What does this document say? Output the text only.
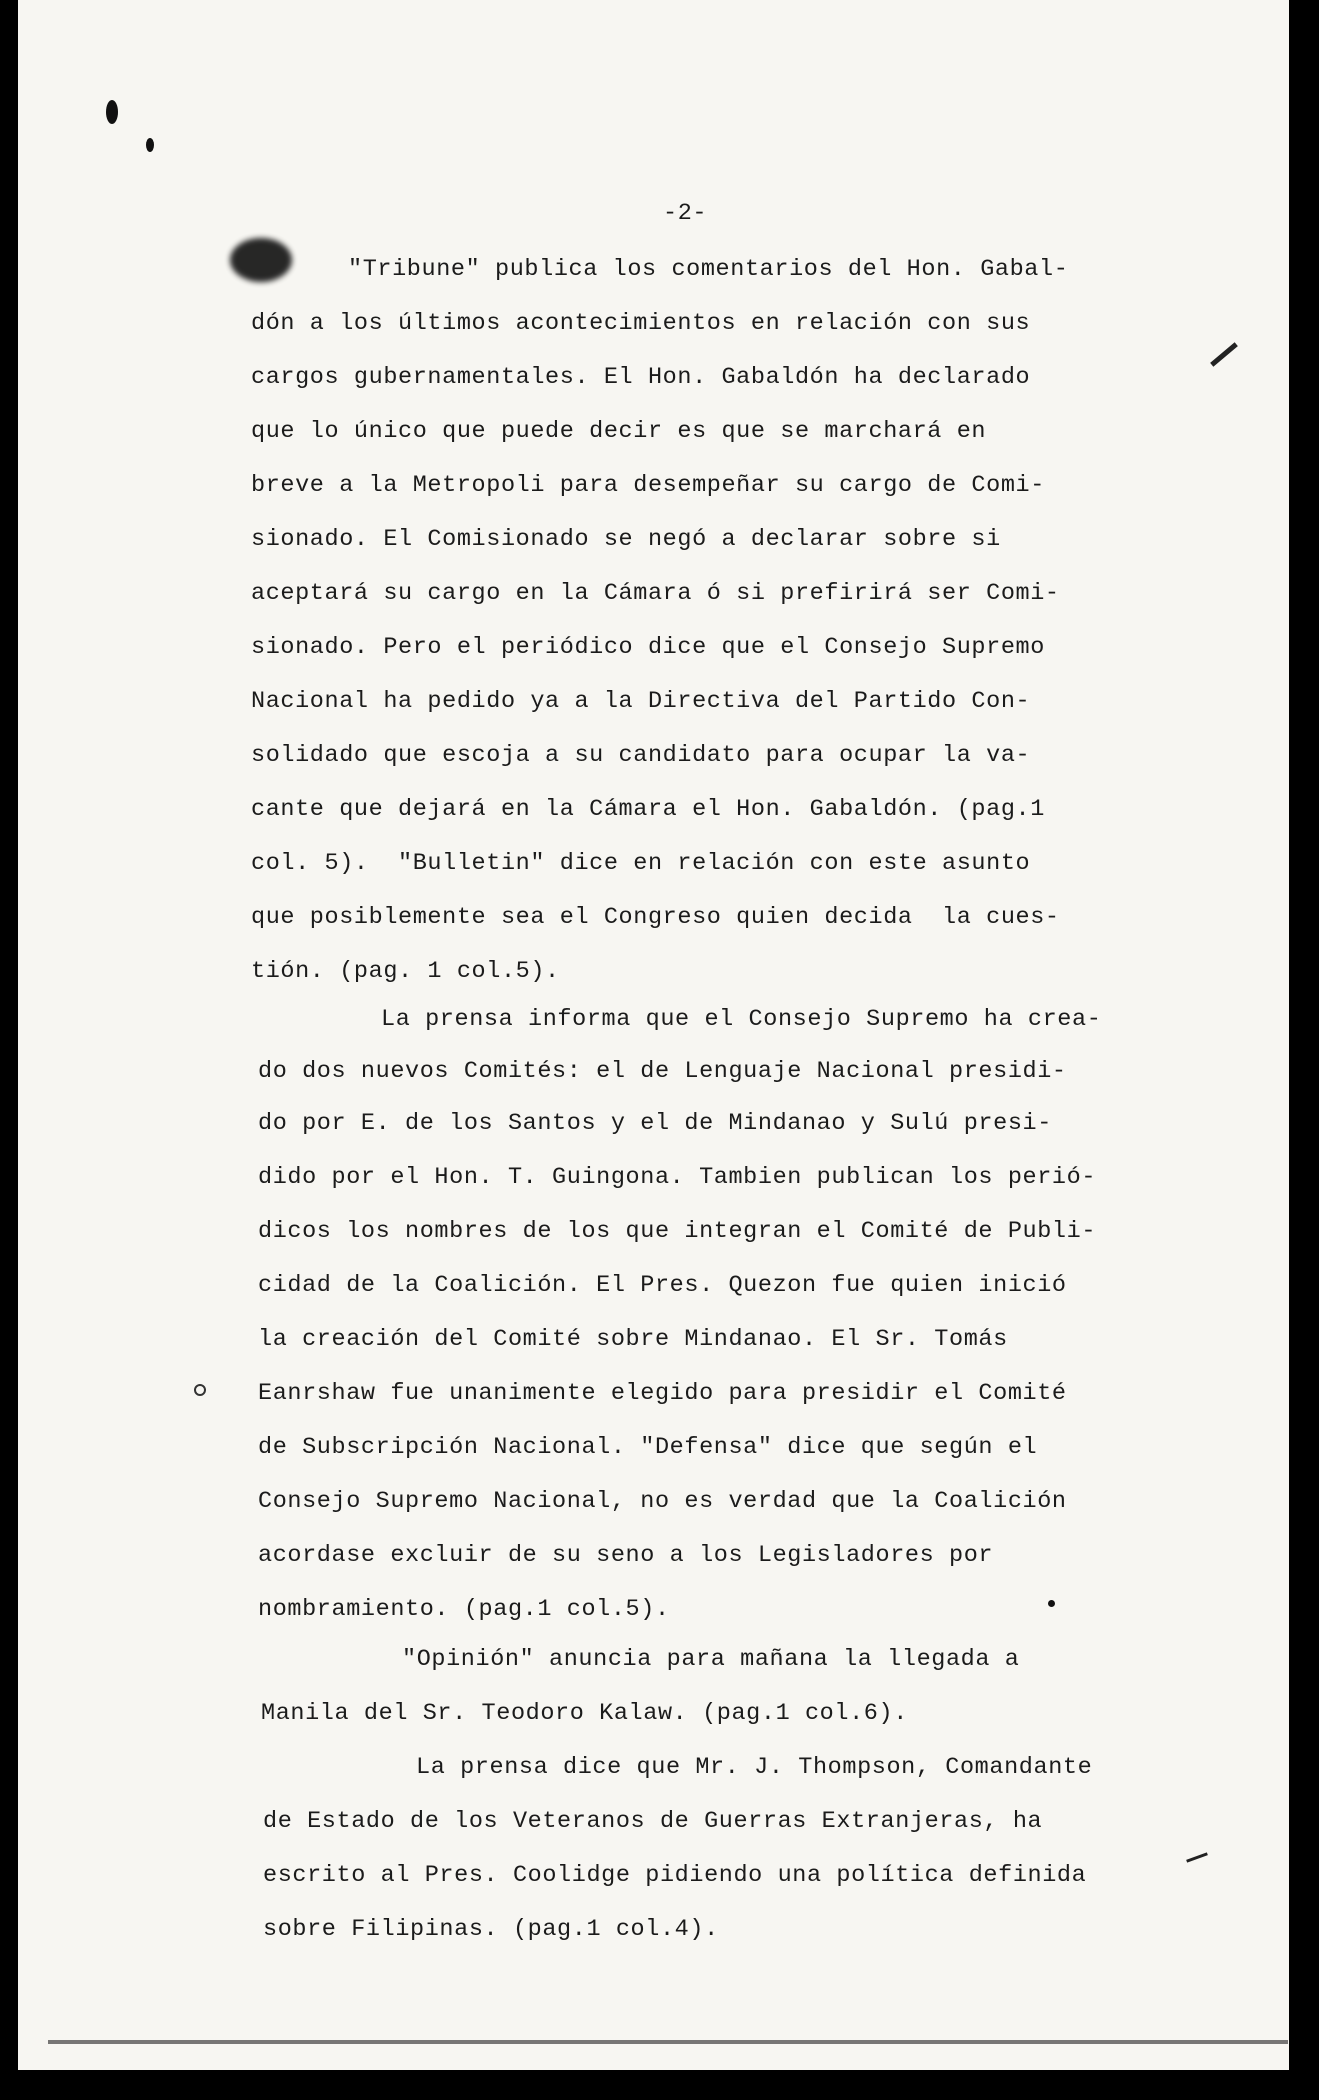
-2-
"Tribune" publica los comentarios del Hon. Gabal-
dón a los últimos acontecimientos en relación con sus
cargos gubernamentales. El Hon. Gabaldón ha declarado
que lo único que puede decir es que se marchará en
breve a la Metropoli para desempeñar su cargo de Comi-
sionado. El Comisionado se negó a declarar sobre si
aceptará su cargo en la Cámara ó si prefirirá ser Comi-
sionado. Pero el periódico dice que el Consejo Supremo
Nacional ha pedido ya a la Directiva del Partido Con-
solidado que escoja a su candidato para ocupar la va-
cante que dejará en la Cámara el Hon. Gabaldón. (pag.1
col. 5).  "Bulletin" dice en relación con este asunto
que posiblemente sea el Congreso quien decida  la cues-
tión. (pag. 1 col.5).
La prensa informa que el Consejo Supremo ha crea-
do dos nuevos Comités: el de Lenguaje Nacional presidi-
do por E. de los Santos y el de Mindanao y Sulú presi-
dido por el Hon. T. Guingona. Tambien publican los perió-
dicos los nombres de los que integran el Comité de Publi-
cidad de la Coalición. El Pres. Quezon fue quien inició
la creación del Comité sobre Mindanao. El Sr. Tomás
Eanrshaw fue unanimente elegido para presidir el Comité
de Subscripción Nacional. "Defensa" dice que según el
Consejo Supremo Nacional, no es verdad que la Coalición
acordase excluir de su seno a los Legisladores por
nombramiento. (pag.1 col.5).
"Opinión" anuncia para mañana la llegada a
Manila del Sr. Teodoro Kalaw. (pag.1 col.6).
La prensa dice que Mr. J. Thompson, Comandante
de Estado de los Veteranos de Guerras Extranjeras, ha
escrito al Pres. Coolidge pidiendo una política definida
sobre Filipinas. (pag.1 col.4).
